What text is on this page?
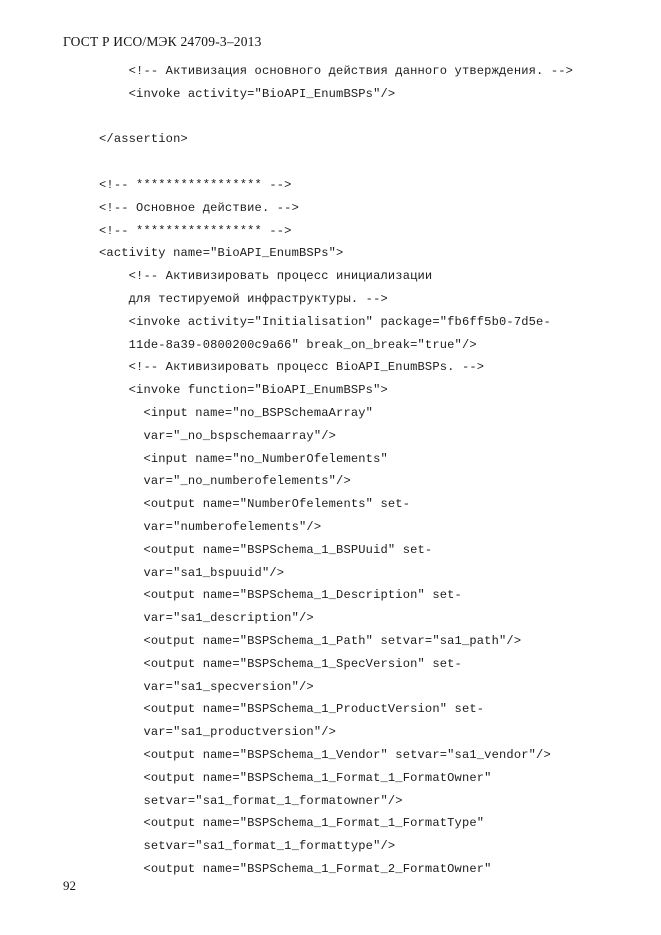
ГОСТ Р ИСО/МЭК 24709-3–2013
<!-- Активизация основного действия данного утверждения. -->
<invoke activity="BioAPI_EnumBSPs"/>

</assertion>

<!-- ***************** -->
<!-- Основное действие. -->
<!-- ***************** -->
<activity name="BioAPI_EnumBSPs">
<!-- Активизировать процесс инициализации
для тестируемой инфраструктуры. -->
<invoke activity="Initialisation" package="fb6ff5b0-7d5e-
11de-8a39-0800200c9a66" break_on_break="true"/>
<!-- Активизировать процесс BioAPI_EnumBSPs. -->
<invoke function="BioAPI_EnumBSPs">
<input name="no_BSPSchemaArray"
var="_no_bspschemaarray"/>
<input name="no_NumberOfelements"
var="_no_numberofelements"/>
<output name="NumberOfelements" set-
var="numberofelements"/>
<output name="BSPSchema_1_BSPUuid" set-
var="sa1_bspuuid"/>
<output name="BSPSchema_1_Description" set-
var="sa1_description"/>
<output name="BSPSchema_1_Path" setvar="sa1_path"/>
<output name="BSPSchema_1_SpecVersion" set-
var="sa1_specversion"/>
<output name="BSPSchema_1_ProductVersion" set-
var="sa1_productversion"/>
<output name="BSPSchema_1_Vendor" setvar="sa1_vendor"/>
<output name="BSPSchema_1_Format_1_FormatOwner"
setvar="sa1_format_1_formatowner"/>
<output name="BSPSchema_1_Format_1_FormatType"
setvar="sa1_format_1_formattype"/>
<output name="BSPSchema_1_Format_2_FormatOwner"
92
